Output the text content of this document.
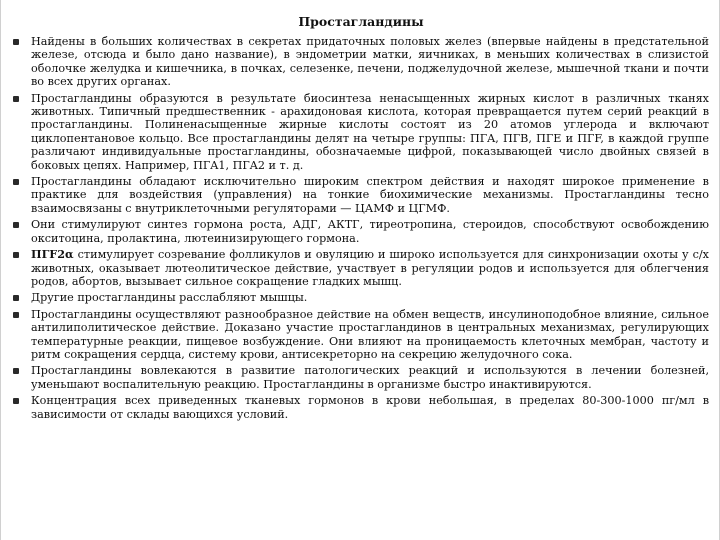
Простагландины
Найдены в больших количествах в секретах придаточных половых желез (впервые найдены в предстательной железе, отсюда и было дано название), в эндометрии матки, яичниках, в меньших количествах в слизистой оболочке желудка и кишечника, в почках, селезенке, печени, поджелудочной железе, мышечной ткани и почти во всех других органах.
Простагландины образуются в результате биосинтеза ненасыщенных жирных кислот в различных тканях животных. Типичный предшественник - арахидоновая кислота, которая превращается путем серий реакций в простагландины. Полиненасыщенные жирные кислоты состоят из 20 атомов углерода и включают циклопентановое кольцо. Все простагландины делят на четыре группы: ПГA, ПГB, ПГE и ПГF, в каждой группе различают индивидуальные простагландины, обозначаемые цифрой, показывающей число двойных связей в боковых цепях. Например, ПГA1, ПГA2 и т. д.
Простагландины обладают исключительно широким спектром действия и находят широкое применение в практике для воздействия (управления) на тонкие биохимические механизмы. Простагландины тесно взаимосвязаны с внутриклеточными регуляторами — ЦАМФ и ЦГМФ.
Они стимулируют синтез гормона роста, АДГ, АКТГ, тиреотропина, стероидов, способствуют освобождению окситоцина, пролактина, лютеинизирующего гормона.
ПГF2α стимулирует созревание фолликулов и овуляцию и широко используется для синхронизации охоты у с/х животных, оказывает лютеолитическое действие, участвует в регуляции родов и используется для облегчения родов, абортов, вызывает сильное сокращение гладких мышц.
Другие простагландины расслабляют мышцы.
Простагландины осуществляют разнообразное действие на обмен веществ, инсулиноподобное влияние, сильное антилиполитическое действие. Доказано участие простагландинов в центральных механизмах, регулирующих температурные реакции, пищевое возбуждение. Они влияют на проницаемость клеточных мембран, частоту и ритм сокращения сердца, систему крови, антисекреторно на секрецию желудочного сока.
Простагландины вовлекаются в развитие патологических реакций и используются в лечении болезней, уменьшают воспалительную реакцию. Простагландины в организме быстро инактивируются.
Концентрация всех приведенных тканевых гормонов в крови небольшая, в пределах 80-300-1000 пг/мл в зависимости от склады вающихся условий.
